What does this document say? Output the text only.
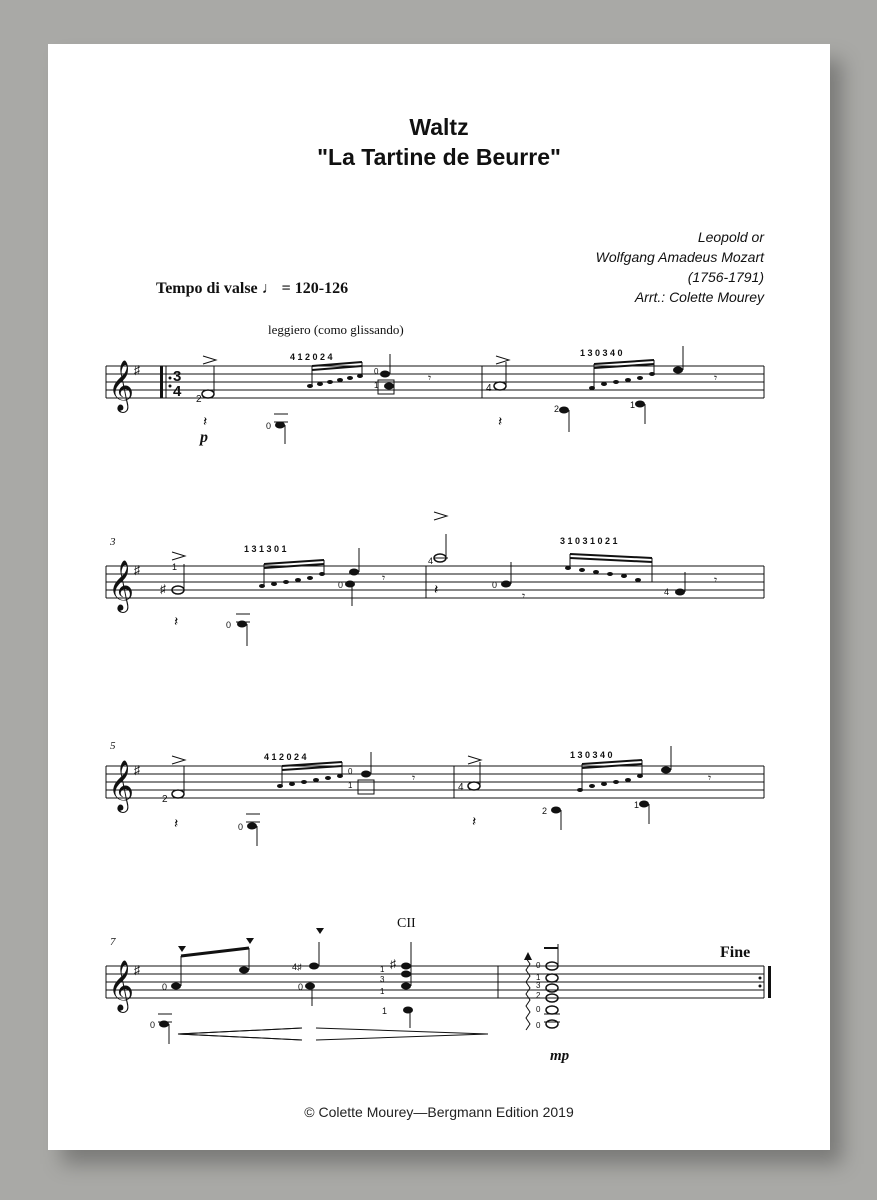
Waltz
"La Tartine de Beurre"
Leopold or
Wolfgang Amadeus Mozart
(1756-1791)
Arrt.: Colette Mourey
Tempo di valse ♩ = 120-126
leggiero (como glissando)
3
5
7
CII
Fine
𝄞 ♯ 3
4 2
𝄽
p
0
4 1 2 0 2 4
0
1
𝄾
4
𝄽
2
1 3 0 3 4 0
1
𝄾
𝄞 ♯
♯
1
𝄽	0
1 3 1 3 0 1
0	𝄾
4
𝄽	0
𝄾
3 1 0 3 1 0 2 1
4
𝄾
𝄞 ♯
2
𝄽	0
4 1 2 0 2 4
0
1
𝄾
4
𝄽
2
1 3 0 3 4 0
1
𝄾
𝄞 ♯
0
0
4♯
0
♯
1
3
1
1
0
1
3
2
0
0
mp
© Colette Mourey—Bergmann Edition 2019
